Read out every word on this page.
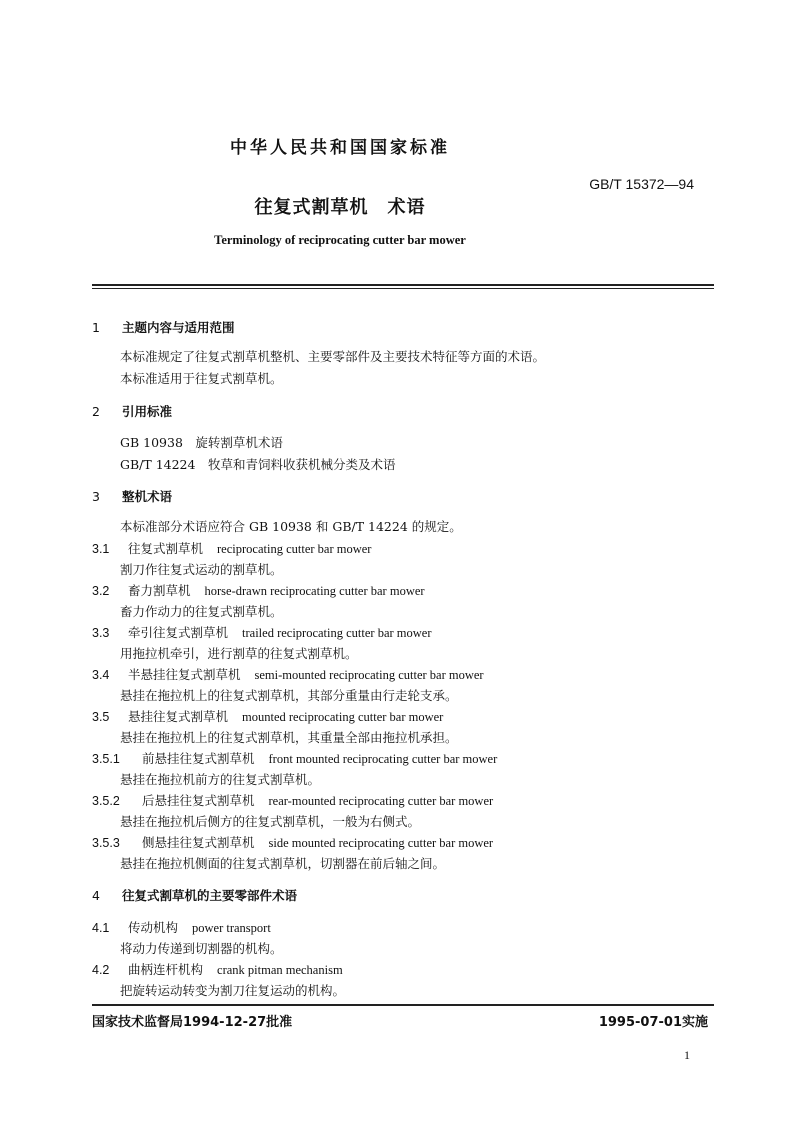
中华人民共和国国家标准
GB/T 15372—94
往复式割草机　术语
Terminology of reciprocating cutter bar mower
1 主题内容与适用范围
本标准规定了往复式割草机整机、主要零部件及主要技术特征等方面的术语。
本标准适用于往复式割草机。
2 引用标准
GB 10938　旋转割草机术语
GB/T 14224　牧草和青饲料收获机械分类及术语
3 整机术语
本标准部分术语应符合 GB 10938 和 GB/T 14224 的规定。
3.1 往复式割草机 reciprocating cutter bar mower
割刀作往复式运动的割草机。
3.2 畜力割草机 horse-drawn reciprocating cutter bar mower
畜力作动力的往复式割草机。
3.3 牵引往复式割草机 trailed reciprocating cutter bar mower
用拖拉机牵引，进行割草的往复式割草机。
3.4 半悬挂往复式割草机 semi-mounted reciprocating cutter bar mower
悬挂在拖拉机上的往复式割草机，其部分重量由行走轮支承。
3.5 悬挂往复式割草机 mounted reciprocating cutter bar mower
悬挂在拖拉机上的往复式割草机，其重量全部由拖拉机承担。
3.5.1 前悬挂往复式割草机 front mounted reciprocating cutter bar mower
悬挂在拖拉机前方的往复式割草机。
3.5.2 后悬挂往复式割草机 rear-mounted reciprocating cutter bar mower
悬挂在拖拉机后侧方的往复式割草机，一般为右侧式。
3.5.3 侧悬挂往复式割草机 side mounted reciprocating cutter bar mower
悬挂在拖拉机侧面的往复式割草机，切割器在前后轴之间。
4 往复式割草机的主要零部件术语
4.1 传动机构 power transport
将动力传递到切割器的机构。
4.2 曲柄连杆机构 crank pitman mechanism
把旋转运动转变为割刀往复运动的机构。
国家技术监督局1994-12-27批准	1995-07-01实施
1
